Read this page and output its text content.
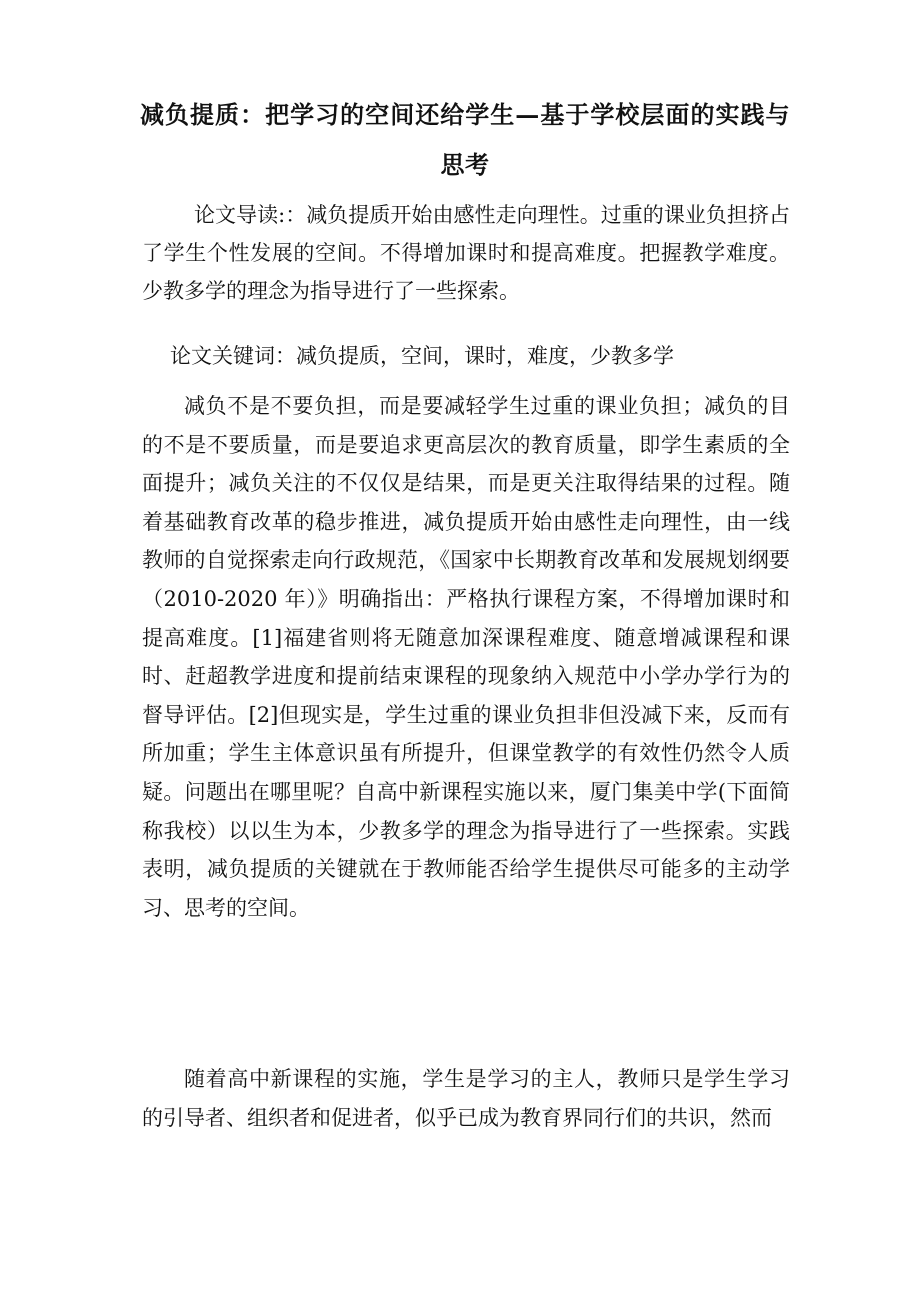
减负提质：把学习的空间还给学生—基于学校层面的实践与
思考

论文导读:：减负提质开始由感性走向理性。过重的课业负担挤占了学生个性发展的空间。不得增加课时和提高难度。把握教学难度。少教多学的理念为指导进行了一些探索。

论文关键词：减负提质，空间，课时，难度，少教多学

减负不是不要负担，而是要减轻学生过重的课业负担；减负的目的不是不要质量，而是要追求更高层次的教育质量，即学生素质的全面提升；减负关注的不仅仅是结果，而是更关注取得结果的过程。随着基础教育改革的稳步推进，减负提质开始由感性走向理性，由一线教师的自觉探索走向行政规范，《国家中长期教育改革和发展规划纲要（2010-2020 年）》明确指出：严格执行课程方案，不得增加课时和提高难度。[1]福建省则将无随意加深课程难度、随意增减课程和课时、赶超教学进度和提前结束课程的现象纳入规范中小学办学行为的督导评估。[2]但现实是，学生过重的课业负担非但没减下来，反而有所加重；学生主体意识虽有所提升，但课堂教学的有效性仍然令人质疑。问题出在哪里呢？自高中新课程实施以来，厦门集美中学(下面简称我校）以以生为本，少教多学的理念为指导进行了一些探索。实践表明，减负提质的关键就在于教师能否给学生提供尽可能多的主动学习、思考的空间。

随着高中新课程的实施，学生是学习的主人，教师只是学生学习的引导者、组织者和促进者，似乎已成为教育界同行们的共识，然而
